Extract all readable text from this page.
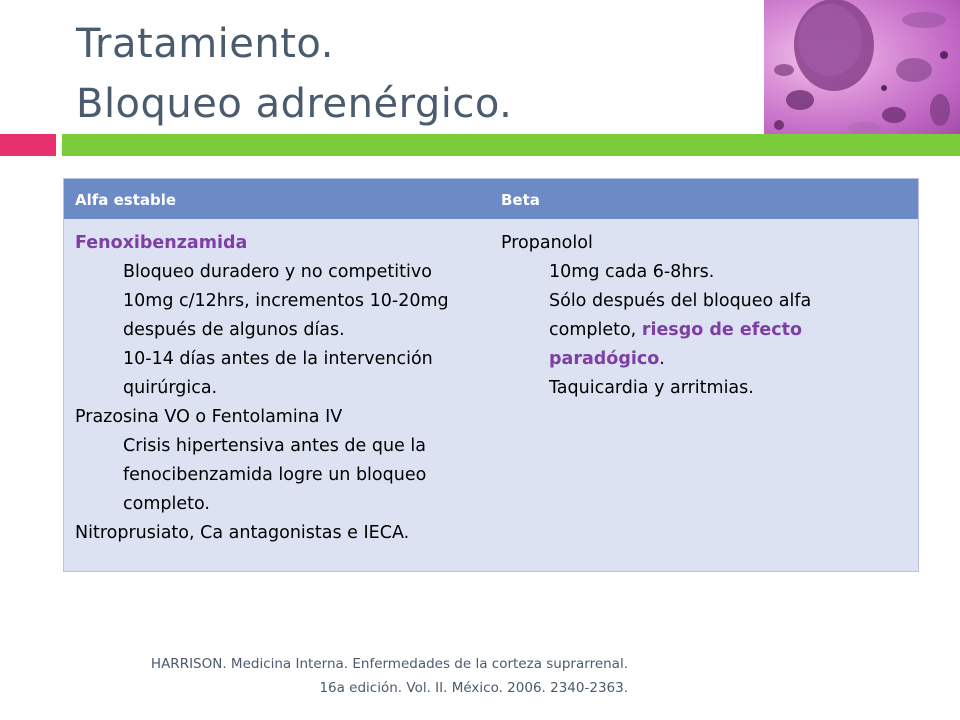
Tratamiento.
Bloqueo adrenérgico.
Alfa estable	Beta
Fenoxibenzamida
Bloqueo duradero y no competitivo
10mg c/12hrs, incrementos 10-20mg
después de algunos días.
10-14 días antes de la intervención
quirúrgica.
Prazosina VO o Fentolamina IV
Crisis hipertensiva antes de que la
fenocibenzamida logre un bloqueo
completo.
Nitroprusiato, Ca antagonistas e IECA.
Propanolol
10mg cada 6-8hrs.
Sólo después del bloqueo alfa
completo, riesgo de efecto
paradógico.
Taquicardia y arritmias.
HARRISON. Medicina Interna. Enfermedades de la corteza suprarrenal.
16a edición. Vol. II. México. 2006. 2340-2363.
